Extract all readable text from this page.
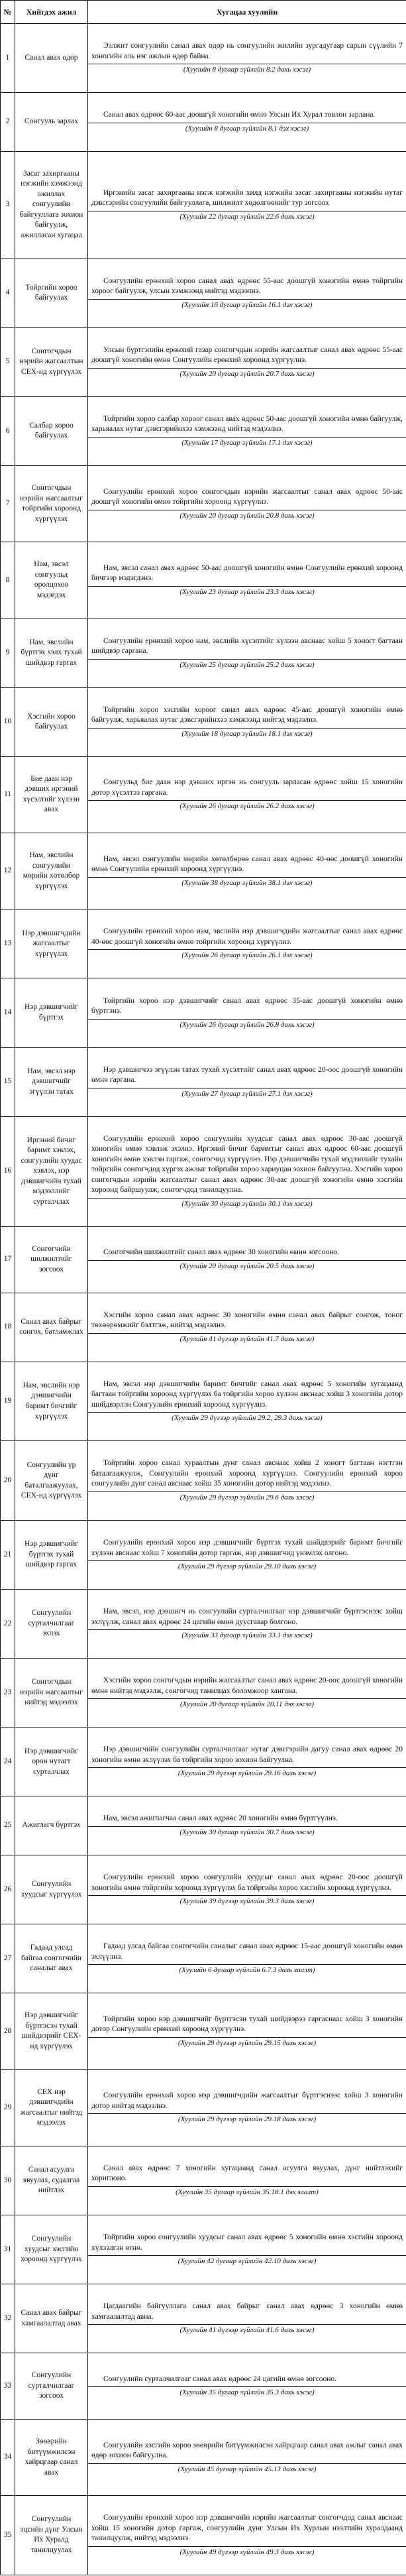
№	Хийгдэх ажил	Хугацаа хуулийн
1	Санал авах өдөр	Ээлжит сонгуулийн санал авах өдөр нь сонгуулийн жилийн зургадугаар сарын сүүлийн 7 хоногийн аль нэг ажлын өдөр байна.
(Хуулийн 8 дугаар зүйлийн 8.2 дахь хэсэг)

2	Сонгууль зарлах	Санал авах өдрөөс 60-аас доошгүй хоногийн өмнө Улсын Их Хурал товлон зарлана.
(Хуулийн 8 дугаар зүйлийн 8.1 дэх хэсэг)

3	Засаг захиргааны нэгжийн хэмжээнд ажиллах сонгуулийн байгууллага зохион байгуулж, ажилласан хугацаа	Иргэнийн засаг захиргааны нэгж нэгжийн хилд нэгжийн засаг захиргааны нэгжийн нутаг дэвсгэрийн сонгуулийн байгууллага, шилжилт хөдөлгөөнийг тур зогсоох
(Хуулийн 22 дугаар зүйлийн 22.6 дахь хэсэг)

4	Тойргийн хороо байгуулах	Сонгуулийн ерөнхий хороо санал авах өдрөөс 55-аас доошгүй хоногийн өмнө тойргийн хороог байгуулж, улсын хэмжээнд нийтэд мэдээлнэ.
(Хуулийн 16 дугаар зүйлийн 16.1 дэх хэсэг)

5	Сонгогчдын нэрийн жагсаалтын СЕХ-нд хүргүүлэх	Улсын бүртгэлийн ерөнхий газар сонгогчдын нэрийн жагсаалтыг санал авах өдрөөс 55-аас доошгүй хоногийн өмнө Сонгуулийн ерөнхий хороонд хүргүүлнэ.
(Хуулийн 20 дугаар зүйлийн 20.7 дахь хэсэг)

6	Салбар хороо байгуулах	Тойргийн хороо салбар хороог санал авах өдрөөс 50-аас доошгүй хоногийн өмнө байгуулж, харьяалах нутаг дэвсгэрийнхээ хэмжээнд нийтэд мэдээлнэ.
(Хуулийн 17 дугаар зүйлийн 17.1 дэх хэсэг)

7	Сонгогчдын нэрийн жагсаалтыг тойргийн хороонд хүргүүлэх	Сонгуулийн ерөнхий хороо сонгогчдын нэрийн жагсаалтыг санал авах өдрөөс 50-аас доошгүй хоногийн өмнө тойргийн хороонд хүргүүлнэ.
(Хуулийн 20 дугаар зүйлийн 20.8 дахь хэсэг)

8	Нам, эвсэл сонгуульд оролцохоо мэдэгдэх	Нам, эвсэл санал авах өдрөөс 50-аас доошгүй хоногийн өмнө Сонгуулийн ерөнхий хороонд бичгээр мэдэгдэнэ.
(Хуулийн 23 дугаар зүйлийн 23.3 дахь хэсэг)

9	Нам, эвслийн бүртгэх хэлх тухай шийдвэр гаргах	Сонгуулийн ерөнхий хороо нам, эвслийн хүсэлтийг хүлээн авснаас хойш 5 хоногт багтаан шийдвэр гаргана.
(Хуулийн 25 дугаар зүйлийн 25.2 дахь хэсэг)

10	Хэсгийн хороо байгуулах	Тойргийн хороо хэсгийн хороог санал авах өдрөөс 45-аас доошгүй хоногийн өмнө байгуулж, харьяалах нутаг дэвсгэрийнхээ хэмжээнд нийтэд мэдээлнэ.
(Хуулийн 18 дугаар зүйлийн 18.1 дэх хэсэг)

11	Бие даан нэр дэвших иргэний хүсэлтийг хүлээн авах	Сонгуульд бие даан нэр дэвших иргэн нь сонгууль зарласан өдрөөс хойш 15 хоногийн дотор хүсэлтээ гаргана.
(Хуулийн 26 дугаар зүйлийн 26.2 дахь хэсэг)

12	Нам, эвслийн сонгуулийн мөрийн хөтөлбөр хүргүүлэх	Нам, эвсэл сонгуулийн мөрийн хөтөлбөрөө санал авах өдрөөс 40-өөс доошгүй хоногийн өмнө Сонгуулийн ерөнхий хороонд хүргүүлнэ.
(Хуулийн 38 дугаар зүйлийн 38.1 дэх хэсэг)

13	Нэр дэвшигчдийн жагсаалтыг хүргүүлэх	Сонгуулийн ерөнхий хороо нам, эвслийн нэр дэвшигчдийн жагсаалтыг санал авах өдрөөс 40-өөс доошгүй хоногийн өмнө тойргийн хороонд хүргүүлнэ.
(Хуулийн 26 дугаар зүйлийн 26.1 дэх хэсэг)

14	Нэр дэвшигчийг бүртгэх	Тойргийн хороо нэр дэвшигчийг санал авах өдрөөс 35-аас доошгүй хоногийн өмнө бүртгэнэ.
(Хуулийн 26 дугаар зүйлийн 26.8 дахь хэсэг)

15	Нам, эвсэл нэр дэвшигчийг эгүүлэн татах	Нэр дэвшигчээ эгүүлэн татах тухай хүсэлтийг санал авах өдрөөс 20-оос доошгүй хоногийн өмнө гаргана.
(Хуулийн 27 дугаар зүйлийн 27.1 дэх хэсэг)

16	Иргэний бичиг баримт хэвлэх, сонгуулийн хуудас хэвлэх, нэр дэвшигчийн тухай мэдээллийг сурталчлах	Сонгуулийн ерөнхий хороо сонгуулийн хуудсыг санал авах өдрөөс 30-аас доошгүй хоногийн өмнө хэвлэж эхэлнэ. Иргэний бичиг баримтыг санал авах өдрөөс 60-аас доошгүй хоногийн өмнө хэвлэн гаргаж, сонгогчид хүргүүлнэ. Нэр дэвшигчийн тухай мэдээллийг тухайн тойргийн сонгогчдод хүргэх ажлыг тойргийн хороо хариуцан зохион байгуулна. Хэсгийн хороо сонгогчдын нэрийн жагсаалтыг санал авах өдрөөс 30-аас доошгүй хоногийн өмнө хэсгийн хороонд байршуулж, сонгогчдод танилцуулна.
(Хуулийн 30 дугаар зүйлийн 30.1 дэх хэсэг)

17	Сонгогчийн шилжилтийг зогсоох	Сонгогчийн шилжилтийг санал авах өдрөөс 30 хоногийн өмнө зогсооно.
(Хуулийн 20 дугаар зүйлийн 20.5 дахь хэсэг)

18	Санал авах байрыг сонгох, батламжлах	Хэсгийн хороо санал авах өдрөөс 30 хоногийн өмнө санал авах байрыг сонгож, тоног төхөөрөмжийг бэлтгэж, нийтэд мэдээлнэ.
(Хуулийн 41 дүгээр зүйлийн 41.7 дахь хэсэг)

19	Нам, эвслийн нэр дэвшигчийн баримт бичгийг хүргүүлэх	Нам, эвсэл нэр дэвшигчийн баримт бичгийг санал авах өдрөөс 5 хоногийн хугацаанд багтаан тойргийн хороонд хүргүүлэх ба тойргийн хороо хүлээн авснаас хойш 3 хоногийн дотор шийдвэрлэн Сонгуулийн ерөнхий хороонд хүргүүлнэ.
(Хуулийн 29 дүгээр зүйлийн 29.2, 29.3 дахь хэсэг)

20	Сонгуулийн үр дүнг баталгаажуулах, СЕХ-нд хүргүүлэх	Тойргийн хороо санал хураалтын дүнг санал авснаас хойш 2 хоногт багтаан нэгтгэн баталгаажуулж, Сонгуулийн ерөнхий хороонд хүргүүлнэ. Сонгуулийн ерөнхий хороо сонгуулийн дүнг санал авснаас хойш 35 хоногийн дотор нийтэд мэдээлнэ.
(Хуулийн 29 дүгээр зүйлийн 29.6 дахь хэсэг)

21	Нэр дэвшигчийг бүртгэх тухай шийдвэр гаргах	Сонгуулийн ерөнхий хороо нэр дэвшигчийг бүртгэх тухай шийдвэрийг баримт бичгийг хүлээн авснаас хойш 7 хоногийн дотор гаргаж, нэр дэвшигчид үнэмлэх олгоно.
(Хуулийн 29 дүгээр зүйлийн 29.10 дахь хэсэг)

22	Сонгуулийн сурталчилгааг эхлэх	Нам, эвсэл, нэр дэвшигч нь сонгуулийн сурталчилгааг нэр дэвшигчийг бүртгэснээс хойш эхлүүлж, санал авах өдрөөс 24 цагийн өмнө дуусгавар болгоно.
(Хуулийн 33 дугаар зүйлийн 33.1 дэх хэсэг)

23	Сонгогчдын нэрийн жагсаалтыг нийтэд мэдээлэх	Хэсгийн хороо сонгогчдын нэрийн жагсаалтыг санал авах өдрөөс 20-оос доошгүй хоногийн өмнө нийтэд мэдээлж, сонгогчид танилцах боломжоор хангана.
(Хуулийн 20 дугаар зүйлийн 20.11 дэх хэсэг)

24	Нэр дэвшигчийг орон нутагт сурталчлах	Нэр дэвшигчийн сонгуулийн сурталчилгааг нутаг дэвсгэрийн дагуу санал авах өдрөөс 20 хоногийн өмнө эхлүүлэх ба тойргийн хороо зохион байгуулна.
(Хуулийн 29 дүгээр зүйлийн 29.16 дахь хэсэг)

25	Ажиглагч бүртгэх	Нам, эвсэл ажиглагчаа санал авах өдрөөс 20 хоногийн өмнө бүртгүүлнэ.
(Хуулийн 30 дугаар зүйлийн 30.7 дахь хэсэг)

26	Сонгуулийн хуудсыг хүргүүлэх	Сонгуулийн ерөнхий хороо сонгуулийн хуудсыг санал авах өдрөөс 20-оос доошгүй хоногийн өмнө тойргийн хороонд хүргүүлэх ба тойргийн хороо хэсгийн хороонд хүргүүлнэ.
(Хуулийн 39 дүгээр зүйлийн 39.3 дахь хэсэг)

27	Гадаад улсад байгаа сонгогчийн саналыг авах	Гадаад улсад байгаа сонгогчийн саналыг санал авах өдрөөс 15-аас доошгүй хоногийн өмнө эхлүүлнэ.
(Хуулийн 6 дугаар зүйлийн 6.7.3 дахь заалт)

28	Нэр дэвшигчийг бүртгэсэн тухай шийдвэрийг СЕХ-нд хүргүүлэх	Тойргийн хороо нэр дэвшигчийг бүртгэсэн тухай шийдвэрээ гаргаснаас хойш 3 хоногийн дотор Сонгуулийн ерөнхий хороонд хүргүүлнэ.
(Хуулийн 29 дүгээр зүйлийн 29.15 дахь хэсэг)

29	СЕХ нэр дэвшигчдийн жагсаалтыг нийтэд мэдээлэх	Сонгуулийн ерөнхий хороо нэр дэвшигчдийн жагсаалтыг бүртгэснээс хойш 3 хоногийн дотор нийтэд мэдээлнэ.
(Хуулийн 29 дүгээр зүйлийн 29.18 дахь хэсэг)

30	Санал асуулга явуулах, судалгаа нийтлэх	Санал авах өдрөөс 7 хоногийн хугацаанд санал асуулга явуулах, дүнг нийтлэхийг хориглоно.
(Хуулийн 35 дугаар зүйлийн 35.18.1 дэх заалт)

31	Сонгуулийн хуудсыг хэсгийн хороонд хүргүүлэх	Тойргийн хороо сонгуулийн хуудсыг санал авах өдрөөс 5 хоногийн өмнө хэсгийн хороонд хүлээлгэн өгнө.
(Хуулийн 42 дугаар зүйлийн 42.10 дахь хэсэг)

32	Санал авах байрыг хамгаалалтад авах	Цагдаагийн байгууллага санал авах байрыг санал авах өдрөөс 3 хоногийн өмнө хамгаалалтад авна.
(Хуулийн 41 дүгээр зүйлийн 41.6 дахь хэсэг)

33	Сонгуулийн сурталчилгааг зогсоох	Сонгуулийн сурталчилгааг санал авах өдрөөс 24 цагийн өмнө зогсооно.
(Хуулийн 35 дугаар зүйлийн 35.3 дахь хэсэг)

34	Зөөврийн битүүмжилсэн хайрцгаар санал авах	Сонгуулийн хэсгийн хороо зөөврийн битүүмжилсэн хайрцгаар санал авах ажлыг санал авах өдөр зохион байгуулна.
(Хуулийн 45 дугаар зүйлийн 45.13 дахь хэсэг)

35	Сонгуулийн эцсийн дүнг Улсын Их Хуралд танилцуулах	Сонгуулийн ерөнхий хороо нэр дэвшигчийн нэрийн жагсаалтыг сонгогчдод санал авснаас хойш 15 хоногийн дотор гаргаж, сонгуулийн дүнг Улсын Их Хурлын нээлтийн хуралдаанд танилцуулж, нийтэд мэдээлнэ.
(Хуулийн 49 дүгээр зүйлийн 49.3 дахь хэсэг)
